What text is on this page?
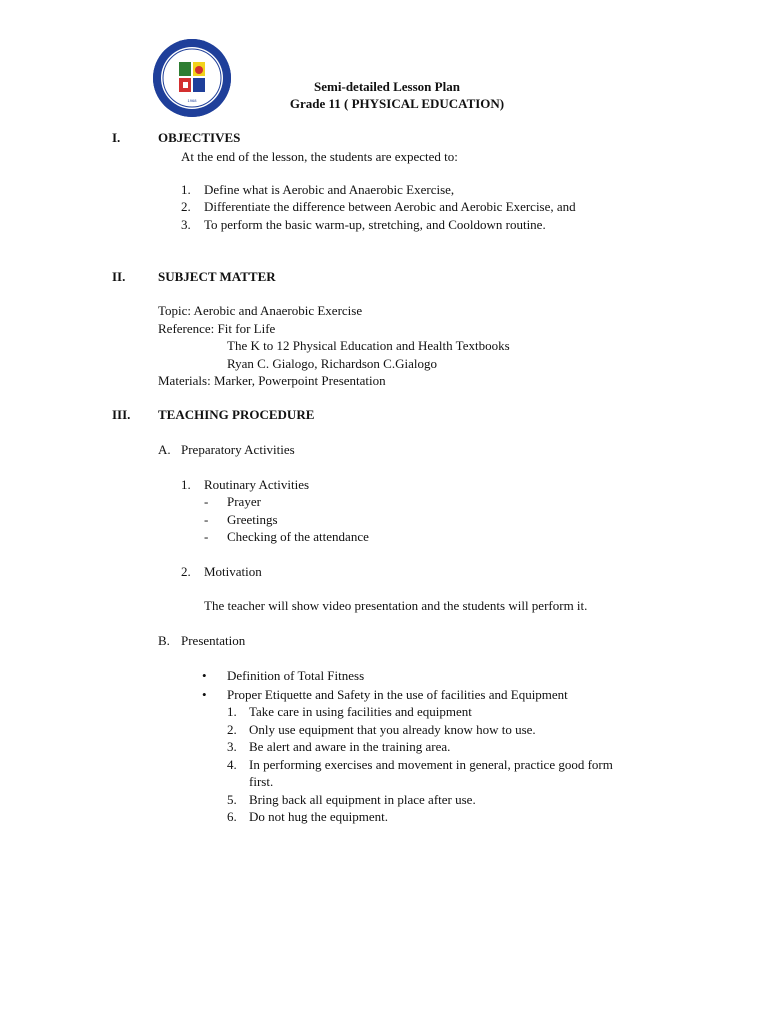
1968
Semi-detailed Lesson Plan
Grade 11 ( PHYSICAL EDUCATION)
I.	OBJECTIVES
At the end of the lesson, the students are expected to:
1. Define what is Aerobic and Anaerobic Exercise,
2. Differentiate the difference between Aerobic and Aerobic Exercise, and
3. To perform the basic warm-up, stretching, and Cooldown routine.
II.	SUBJECT MATTER
Topic: Aerobic and Anaerobic Exercise
Reference: Fit for Life
The K to 12 Physical Education and Health Textbooks
Ryan C. Gialogo, Richardson C.Gialogo
Materials: Marker, Powerpoint Presentation
III. TEACHING PROCEDURE
A. Preparatory Activities
1. Routinary Activities
- Prayer
- Greetings
- Checking of the attendance
2. Motivation
The teacher will show video presentation and the students will perform it.
B. Presentation
• Definition of Total Fitness
• Proper Etiquette and Safety in the use of facilities and Equipment
1. Take care in using facilities and equipment
2. Only use equipment that you already know how to use.
3. Be alert and aware in the training area.
4. In performing exercises and movement in general, practice good form
first.
5. Bring back all equipment in place after use.
6. Do not hug the equipment.
